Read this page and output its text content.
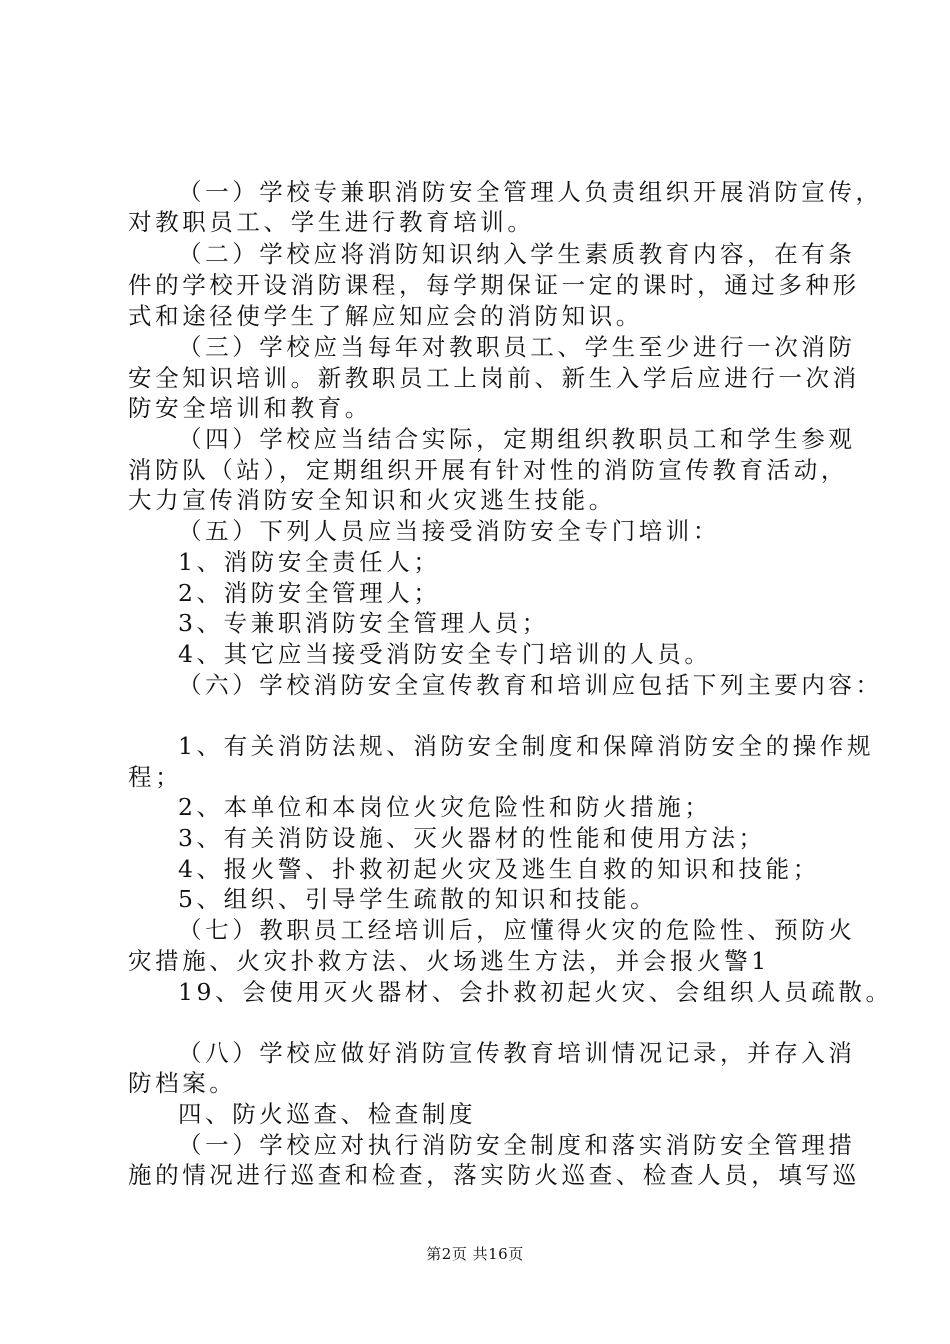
（一）学校专兼职消防安全管理人负责组织开展消防宣传，
对教职员工、学生进行教育培训。
（二）学校应将消防知识纳入学生素质教育内容，在有条
件的学校开设消防课程，每学期保证一定的课时，通过多种形
式和途径使学生了解应知应会的消防知识。
（三）学校应当每年对教职员工、学生至少进行一次消防
安全知识培训。新教职员工上岗前、新生入学后应进行一次消
防安全培训和教育。
（四）学校应当结合实际，定期组织教职员工和学生参观
消防队（站），定期组织开展有针对性的消防宣传教育活动，
大力宣传消防安全知识和火灾逃生技能。
（五）下列人员应当接受消防安全专门培训：
1、消防安全责任人；
2、消防安全管理人；
3、专兼职消防安全管理人员；
4、其它应当接受消防安全专门培训的人员。
（六）学校消防安全宣传教育和培训应包括下列主要内容：
1、有关消防法规、消防安全制度和保障消防安全的操作规
程；
2、本单位和本岗位火灾危险性和防火措施；
3、有关消防设施、灭火器材的性能和使用方法；
4、报火警、扑救初起火灾及逃生自救的知识和技能；
5、组织、引导学生疏散的知识和技能。
（七）教职员工经培训后，应懂得火灾的危险性、预防火
灾措施、火灾扑救方法、火场逃生方法，并会报火警1
19、会使用灭火器材、会扑救初起火灾、会组织人员疏散。
（八）学校应做好消防宣传教育培训情况记录，并存入消
防档案。
四、防火巡查、检查制度
（一）学校应对执行消防安全制度和落实消防安全管理措
施的情况进行巡查和检查，落实防火巡查、检查人员，填写巡
第2页 共16页
